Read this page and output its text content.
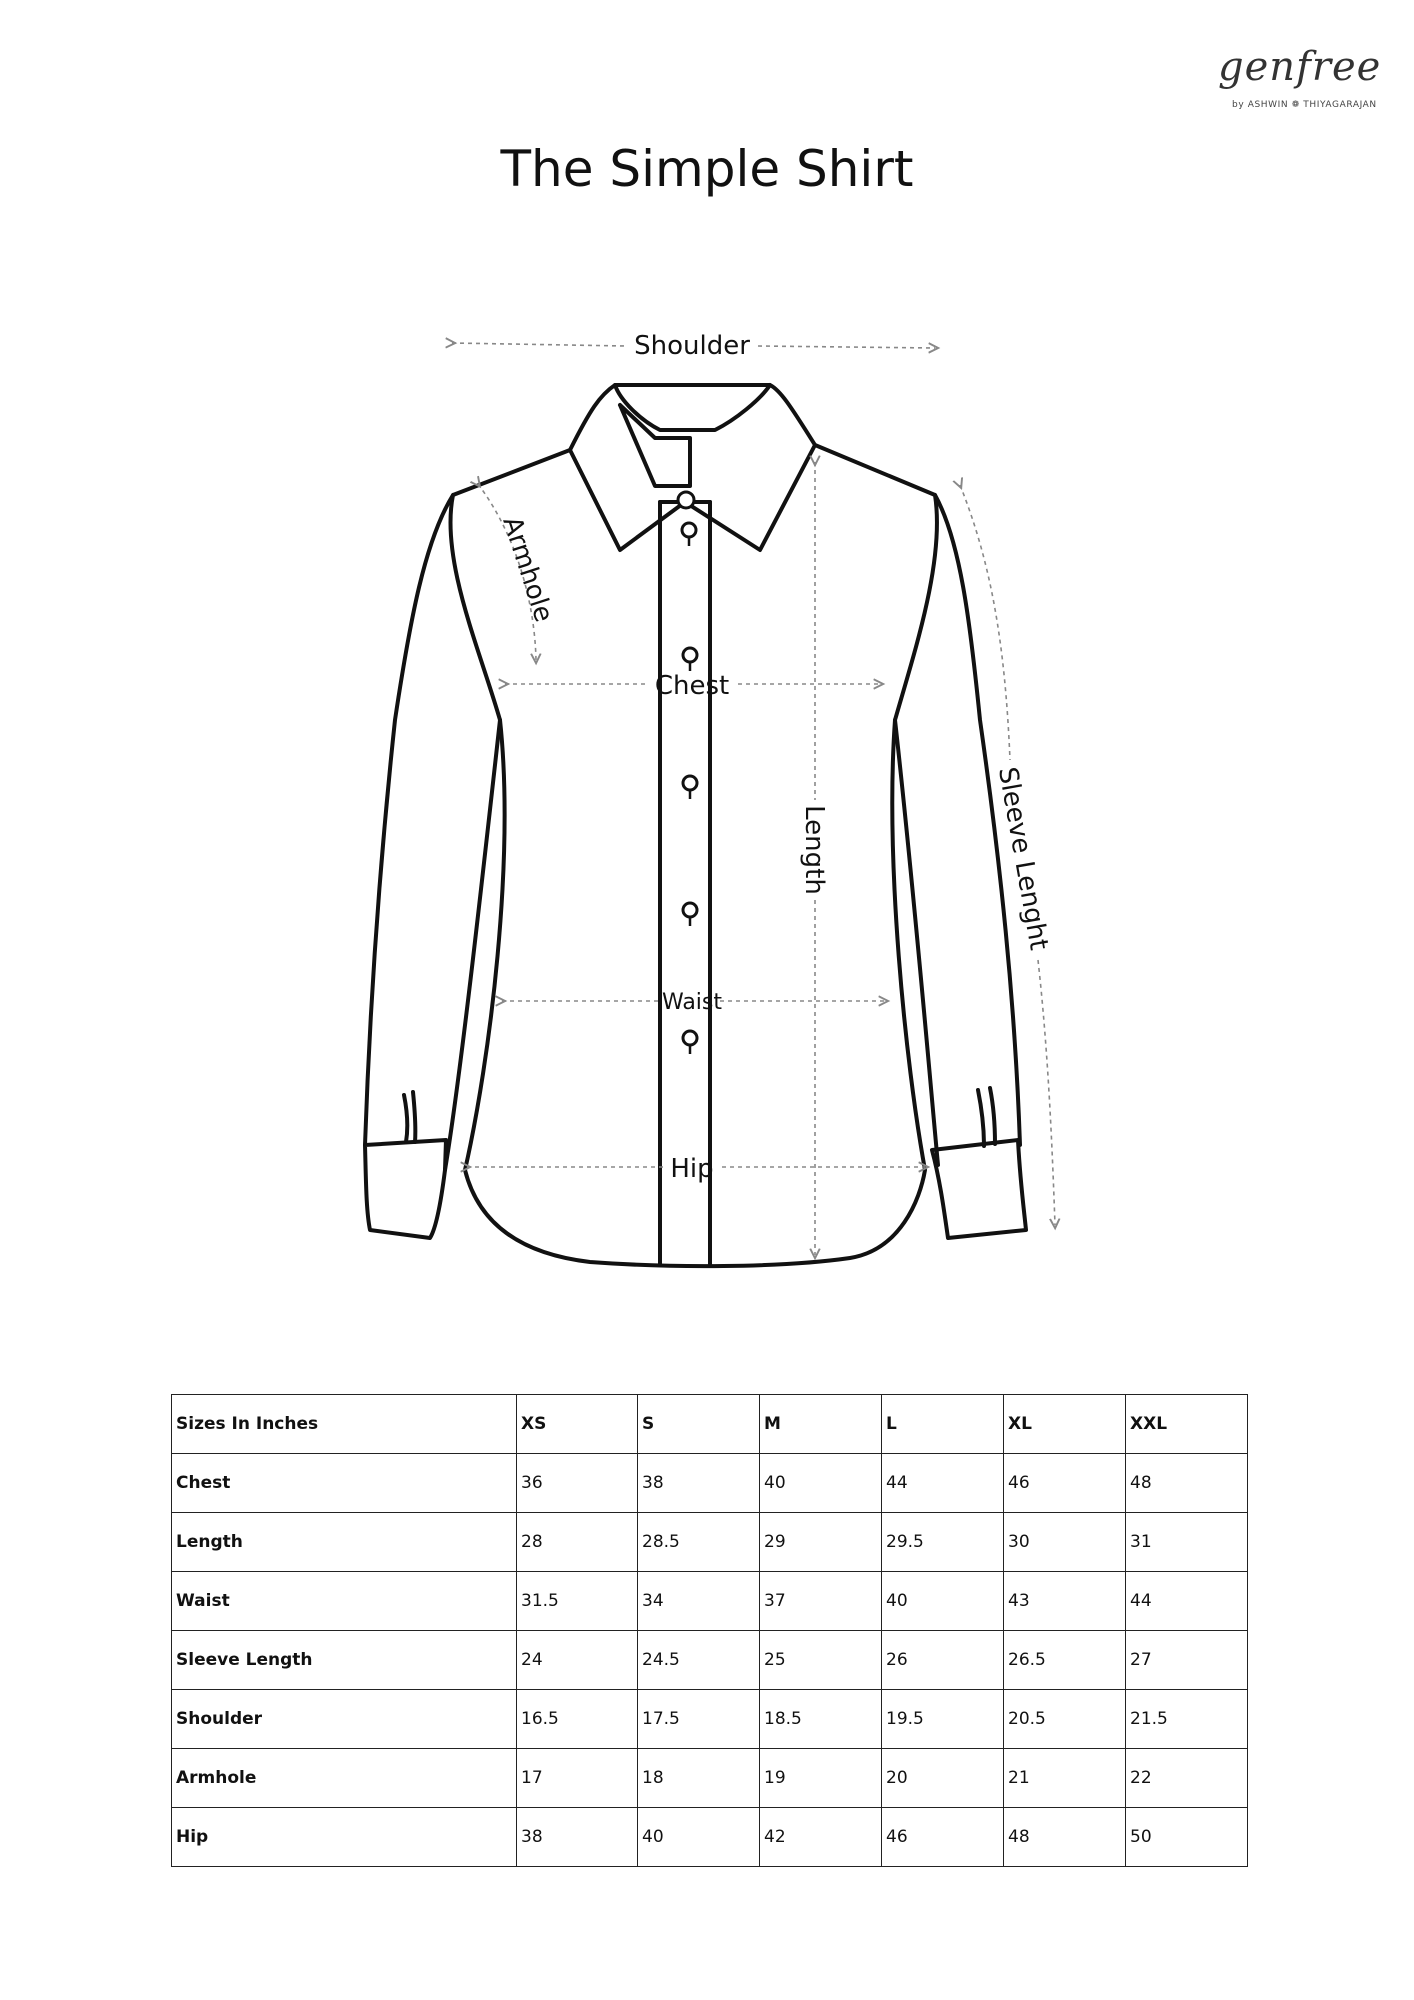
genfree
by ASHWIN ❁ THIYAGARAJAN
The Simple Shirt
Shoulder
Armhole
Chest
Length	Sleeve Lenght
Waist
Hip
Sizes In Inches	XS	S	M	L	XL	XXL
Chest	36	38	40	44	46	48
Length	28	28.5	29	29.5	30	31
Waist	31.5	34	37	40	43	44
Sleeve Length	24	24.5	25	26	26.5	27
Shoulder	16.5	17.5	18.5	19.5	20.5	21.5
Armhole	17	18	19	20	21	22
Hip	38	40	42	46	48	50
